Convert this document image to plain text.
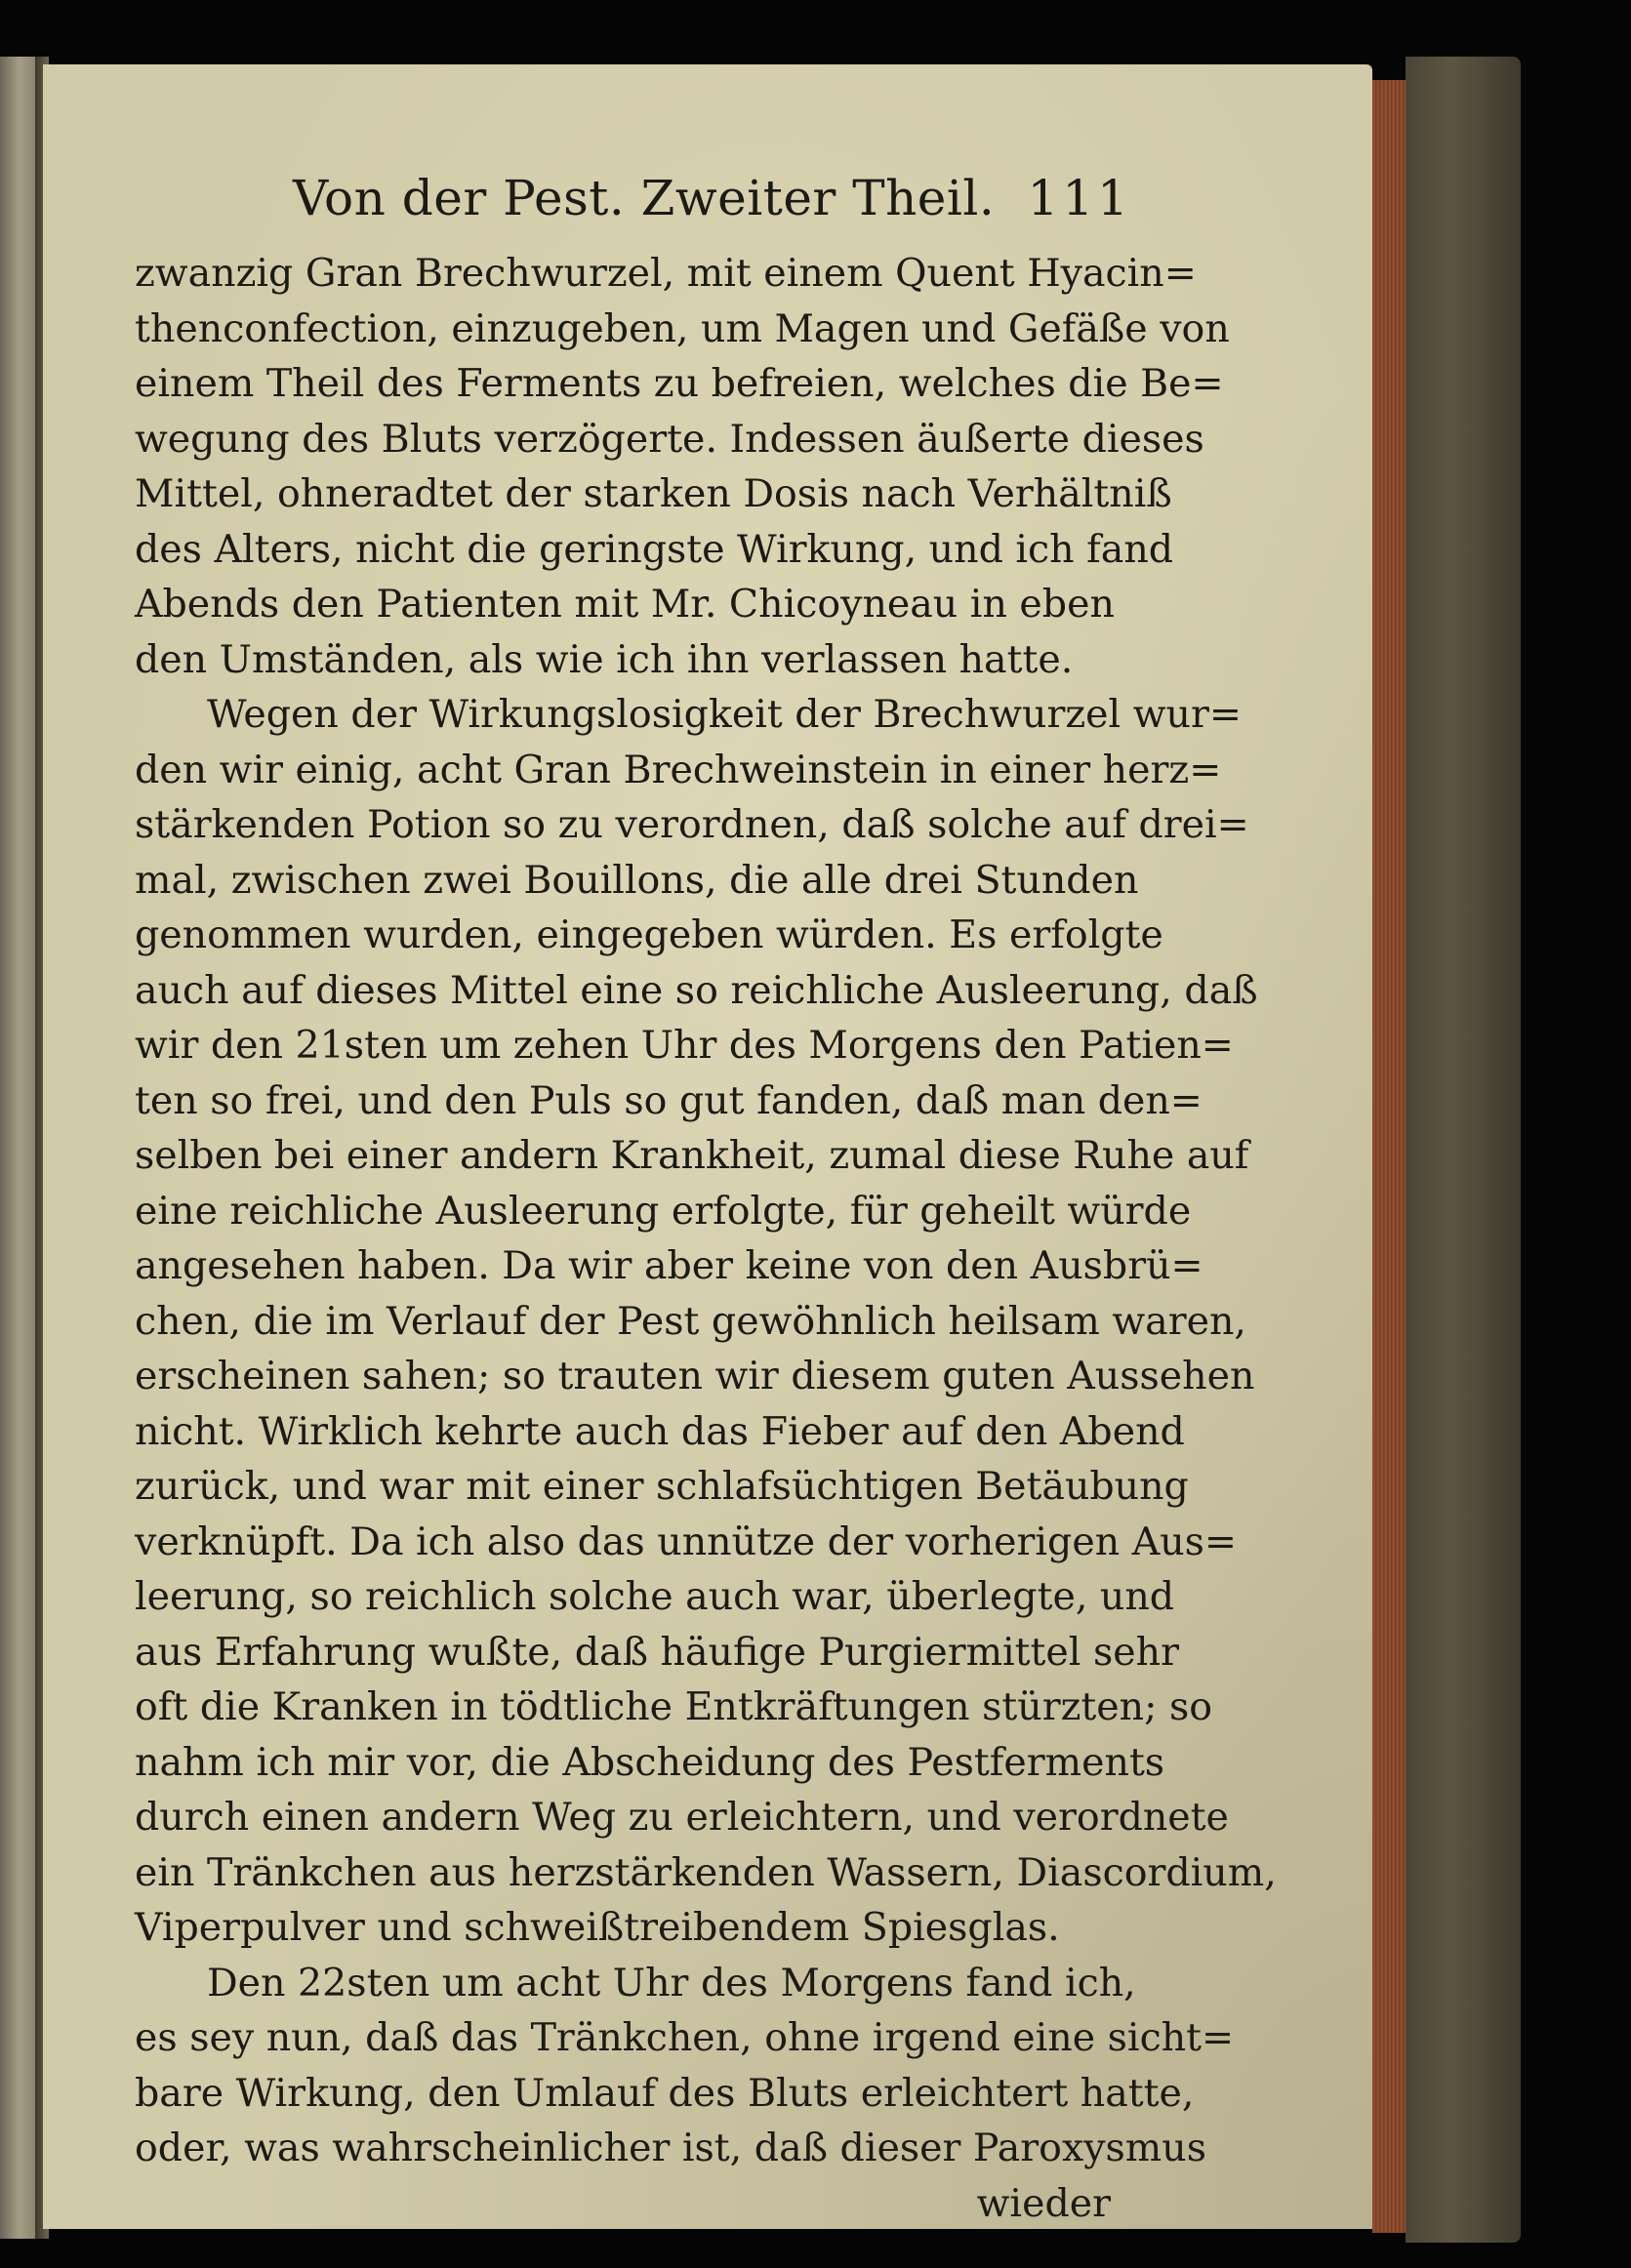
Von der Pest. Zweiter Theil. 111
zwanzig Gran Brechwurzel, mit einem Quent Hyacin=
thenconfection, einzugeben, um Magen und Gefäße von
einem Theil des Ferments zu befreien, welches die Be=
wegung des Bluts verzögerte. Indessen äußerte dieses
Mittel, ohneradtet der starken Dosis nach Verhältniß
des Alters, nicht die geringste Wirkung, und ich fand
Abends den Patienten mit Mr. Chicoyneau in eben
den Umständen, als wie ich ihn verlassen hatte.
Wegen der Wirkungslosigkeit der Brechwurzel wur=
den wir einig, acht Gran Brechweinstein in einer herz=
stärkenden Potion so zu verordnen, daß solche auf drei=
mal, zwischen zwei Bouillons, die alle drei Stunden
genommen wurden, eingegeben würden. Es erfolgte
auch auf dieses Mittel eine so reichliche Ausleerung, daß
wir den 21sten um zehen Uhr des Morgens den Patien=
ten so frei, und den Puls so gut fanden, daß man den=
selben bei einer andern Krankheit, zumal diese Ruhe auf
eine reichliche Ausleerung erfolgte, für geheilt würde
angesehen haben. Da wir aber keine von den Ausbrü=
chen, die im Verlauf der Pest gewöhnlich heilsam waren,
erscheinen sahen; so trauten wir diesem guten Aussehen
nicht. Wirklich kehrte auch das Fieber auf den Abend
zurück, und war mit einer schlafsüchtigen Betäubung
verknüpft. Da ich also das unnütze der vorherigen Aus=
leerung, so reichlich solche auch war, überlegte, und
aus Erfahrung wußte, daß häufige Purgiermittel sehr
oft die Kranken in tödtliche Entkräftungen stürzten; so
nahm ich mir vor, die Abscheidung des Pestferments
durch einen andern Weg zu erleichtern, und verordnete
ein Tränkchen aus herzstärkenden Wassern, Diascordium,
Viperpulver und schweißtreibendem Spiesglas.
Den 22sten um acht Uhr des Morgens fand ich,
es sey nun, daß das Tränkchen, ohne irgend eine sicht=
bare Wirkung, den Umlauf des Bluts erleichtert hatte,
oder, was wahrscheinlicher ist, daß dieser Paroxysmus
wieder
